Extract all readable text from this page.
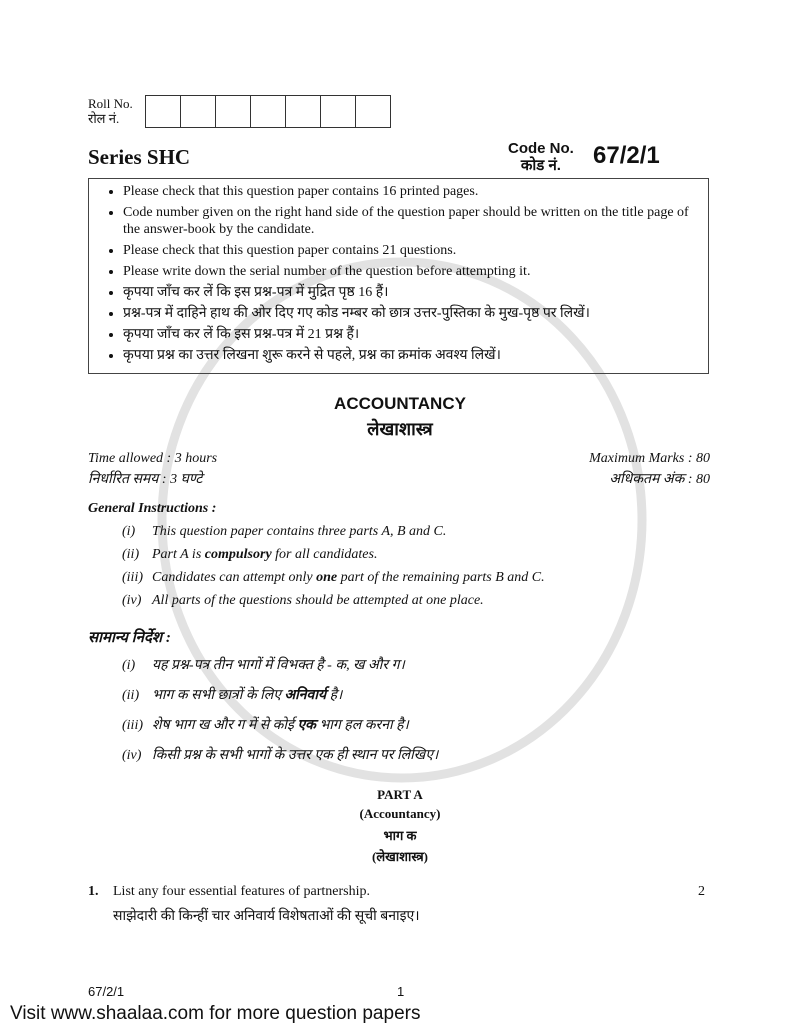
Roll No.
रोल नं.
Series SHC	Code No.
कोड नं.	67/2/1
• Please check that this question paper contains 16 printed pages.
• Code number given on the right hand side of the question paper should be written on the title page of the answer-book by the candidate.
• Please check that this question paper contains 21 questions.
• Please write down the serial number of the question before attempting it.
• कृपया जाँच कर लें कि इस प्रश्न-पत्र में मुद्रित पृष्ठ 16 हैं।
• प्रश्न-पत्र में दाहिने हाथ की ओर दिए गए कोड नम्बर को छात्र उत्तर-पुस्तिका के मुख-पृष्ठ पर लिखें।
• कृपया जाँच कर लें कि इस प्रश्न-पत्र में 21 प्रश्न हैं।
• कृपया प्रश्न का उत्तर लिखना शुरू करने से पहले, प्रश्न का क्रमांक अवश्य लिखें।
ACCOUNTANCY
लेखाशास्त्र
Time allowed : 3 hours
निर्धारित समय : 3 घण्टे
Maximum Marks : 80
अधिकतम अंक : 80
General Instructions :
(i) This question paper contains three parts A, B and C.
(ii) Part A is compulsory for all candidates.
(iii) Candidates can attempt only one part of the remaining parts B and C.
(iv) All parts of the questions should be attempted at one place.
सामान्य निर्देश :
(i) यह प्रश्न-पत्र तीन भागों में विभक्त है - क, ख और ग।
(ii) भाग क सभी छात्रों के लिए अनिवार्य है।
(iii) शेष भाग ख और ग में से कोई एक भाग हल करना है।
(iv) किसी प्रश्न के सभी भागों के उत्तर एक ही स्थान पर लिखिए।
PART A
(Accountancy)
भाग क
(लेखाशास्त्र)
1. List any four essential features of partnership.
साझेदारी की किन्हीं चार अनिवार्य विशेषताओं की सूची बनाइए।
2
67/2/1	1
Visit www.shaalaa.com for more question papers
